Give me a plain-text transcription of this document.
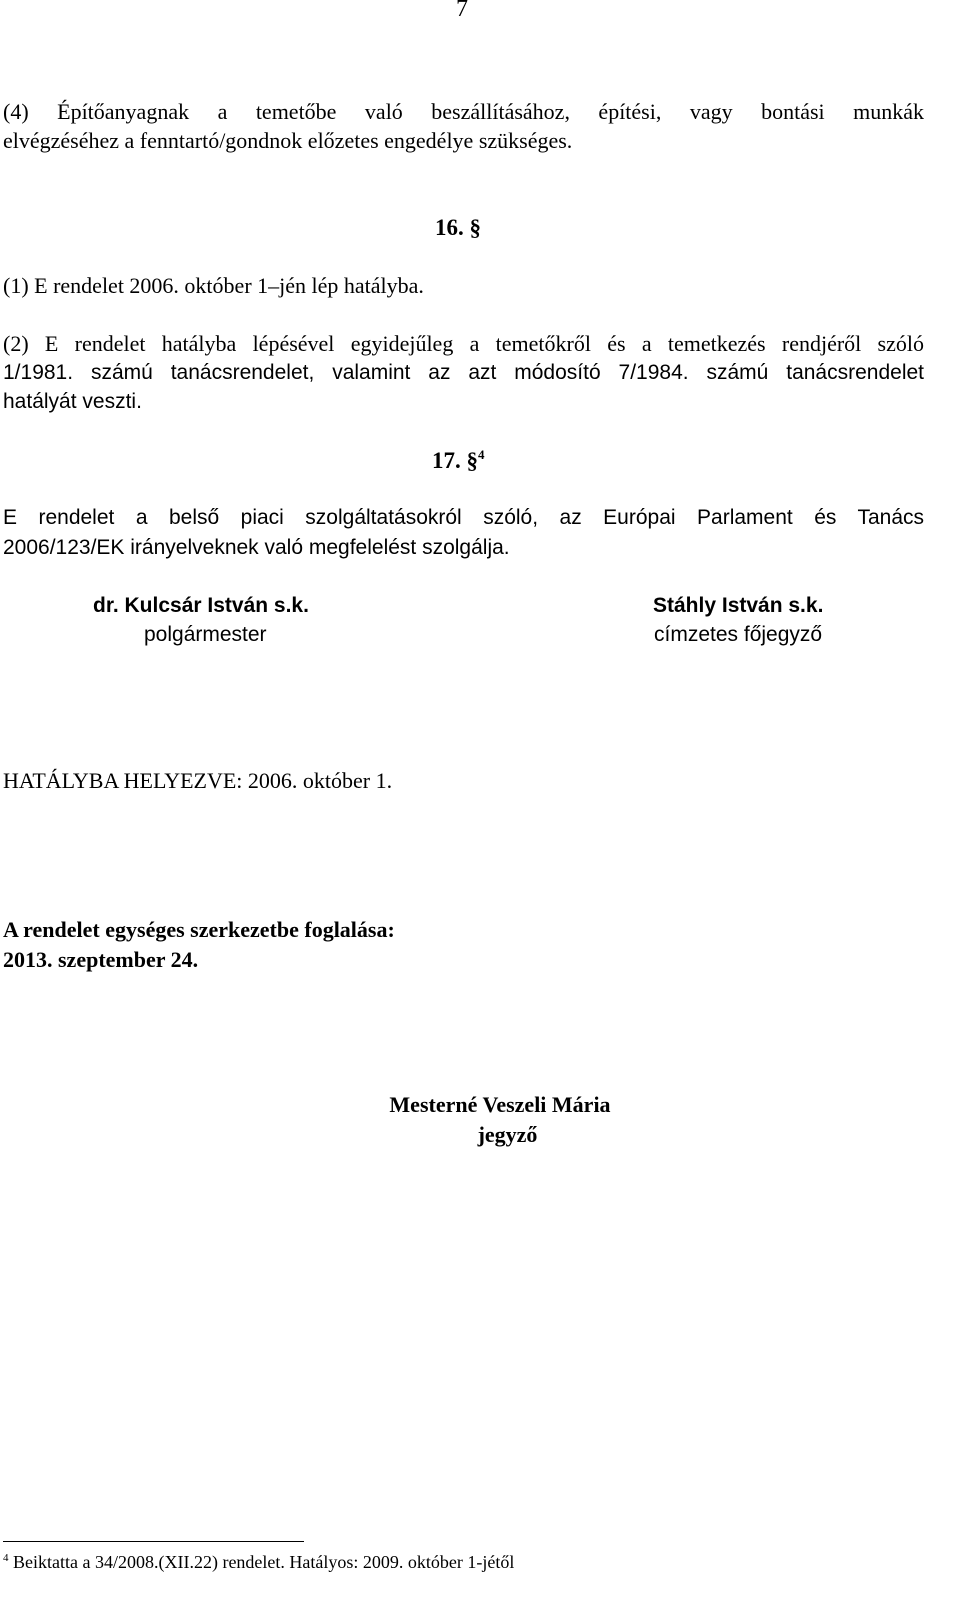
7
(4) Építőanyagnak a temetőbe való beszállításához, építési, vagy bontási munkák
elvégzéséhez a fenntartó/gondnok előzetes engedélye szükséges.
16. §
(1) E rendelet 2006. október 1–jén lép hatályba.
(2) E rendelet hatályba lépésével egyidejűleg a temetőkről és a temetkezés rendjéről szóló
1/1981. számú tanácsrendelet, valamint az azt módosító 7/1984. számú tanácsrendelet
hatályát veszti.
17. §$^4$
E rendelet a belső piaci szolgáltatásokról szóló, az Európai Parlament és Tanács
2006/123/EK irányelveknek való megfelelést szolgálja.
dr. Kulcsár István s.k.
polgármester
Stáhly István s.k.
címzetes főjegyző
HATÁLYBA HELYEZVE: 2006. október 1.
A rendelet egységes szerkezetbe foglalása:
2013. szeptember 24.
Mesterné Veszeli Mária
jegyző
$^4$ Beiktatta a 34/2008.(XII.22) rendelet. Hatályos: 2009. október 1-jétől
